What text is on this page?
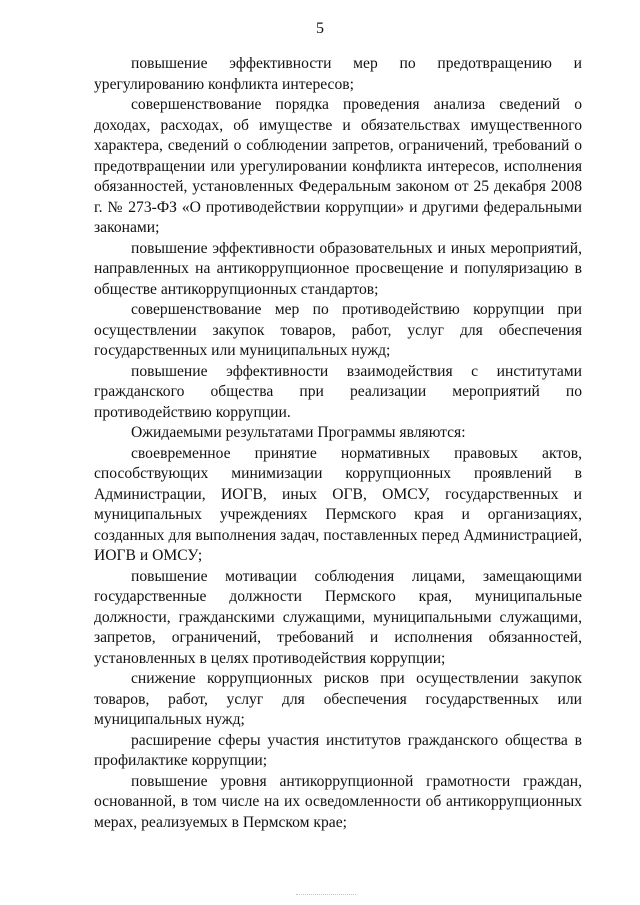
5

повышение эффективности мер по предотвращению и урегулированию конфликта интересов;

совершенствование порядка проведения анализа сведений о доходах, расходах, об имуществе и обязательствах имущественного характера, сведений о соблюдении запретов, ограничений, требований о предотвращении или урегулировании конфликта интересов, исполнения обязанностей, установленных Федеральным законом от 25 декабря 2008 г. № 273-ФЗ «О противодействии коррупции» и другими федеральными законами;

повышение эффективности образовательных и иных мероприятий, направленных на антикоррупционное просвещение и популяризацию в обществе антикоррупционных стандартов;

совершенствование мер по противодействию коррупции при осуществлении закупок товаров, работ, услуг для обеспечения государственных или муниципальных нужд;

повышение эффективности взаимодействия с институтами гражданского общества при реализации мероприятий по противодействию коррупции.

Ожидаемыми результатами Программы являются:

своевременное принятие нормативных правовых актов, способствующих минимизации коррупционных проявлений в Администрации, ИОГВ, иных ОГВ, ОМСУ, государственных и муниципальных учреждениях Пермского края и организациях, созданных для выполнения задач, поставленных перед Администрацией, ИОГВ и ОМСУ;

повышение мотивации соблюдения лицами, замещающими государственные должности Пермского края, муниципальные должности, гражданскими служащими, муниципальными служащими, запретов, ограничений, требований и исполнения обязанностей, установленных в целях противодействия коррупции;

снижение коррупционных рисков при осуществлении закупок товаров, работ, услуг для обеспечения государственных или муниципальных нужд;

расширение сферы участия институтов гражданского общества в профилактике коррупции;

повышение уровня антикоррупционной грамотности граждан, основанной, в том числе на их осведомленности об антикоррупционных мерах, реализуемых в Пермском крае;
